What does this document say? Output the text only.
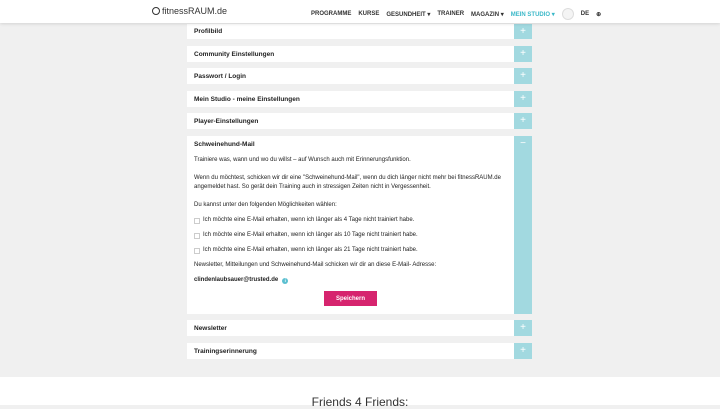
fitnessRAUM.de	PROGRAMME KURSE GESUNDHEIT ▾ TRAINER MAGAZIN ▾ MEIN STUDIO ▾	DE ⊕
Profilbild	+
Community Einstellungen	+
Passwort / Login	+
Mein Studio - meine Einstellungen	+
Player-Einstellungen	+
Schweinehund-Mail	−

Trainiere was, wann und wo du willst – auf Wunsch auch mit Erinnerungsfunktion.

Wenn du möchtest, schicken wir dir eine "Schweinehund-Mail", wenn du dich länger nicht mehr bei fitnessRAUM.de angemeldet hast. So gerät dein Training auch in stressigen Zeiten nicht in Vergessenheit.

Du kannst unter den folgenden Möglichkeiten wählen:

Ich möchte eine E-Mail erhalten, wenn ich länger als 4 Tage nicht trainiert habe.
Ich möchte eine E-Mail erhalten, wenn ich länger als 10 Tage nicht trainiert habe.
Ich möchte eine E-Mail erhalten, wenn ich länger als 21 Tage nicht trainiert habe.

Newsletter, Mitteilungen und Schweinehund-Mail schicken wir dir an diese E-Mail- Adresse:

clindenlaubsauer@trusted.de	i
Speichern
Newsletter	+
Trainingserinnerung	+
Friends 4 Friends:
